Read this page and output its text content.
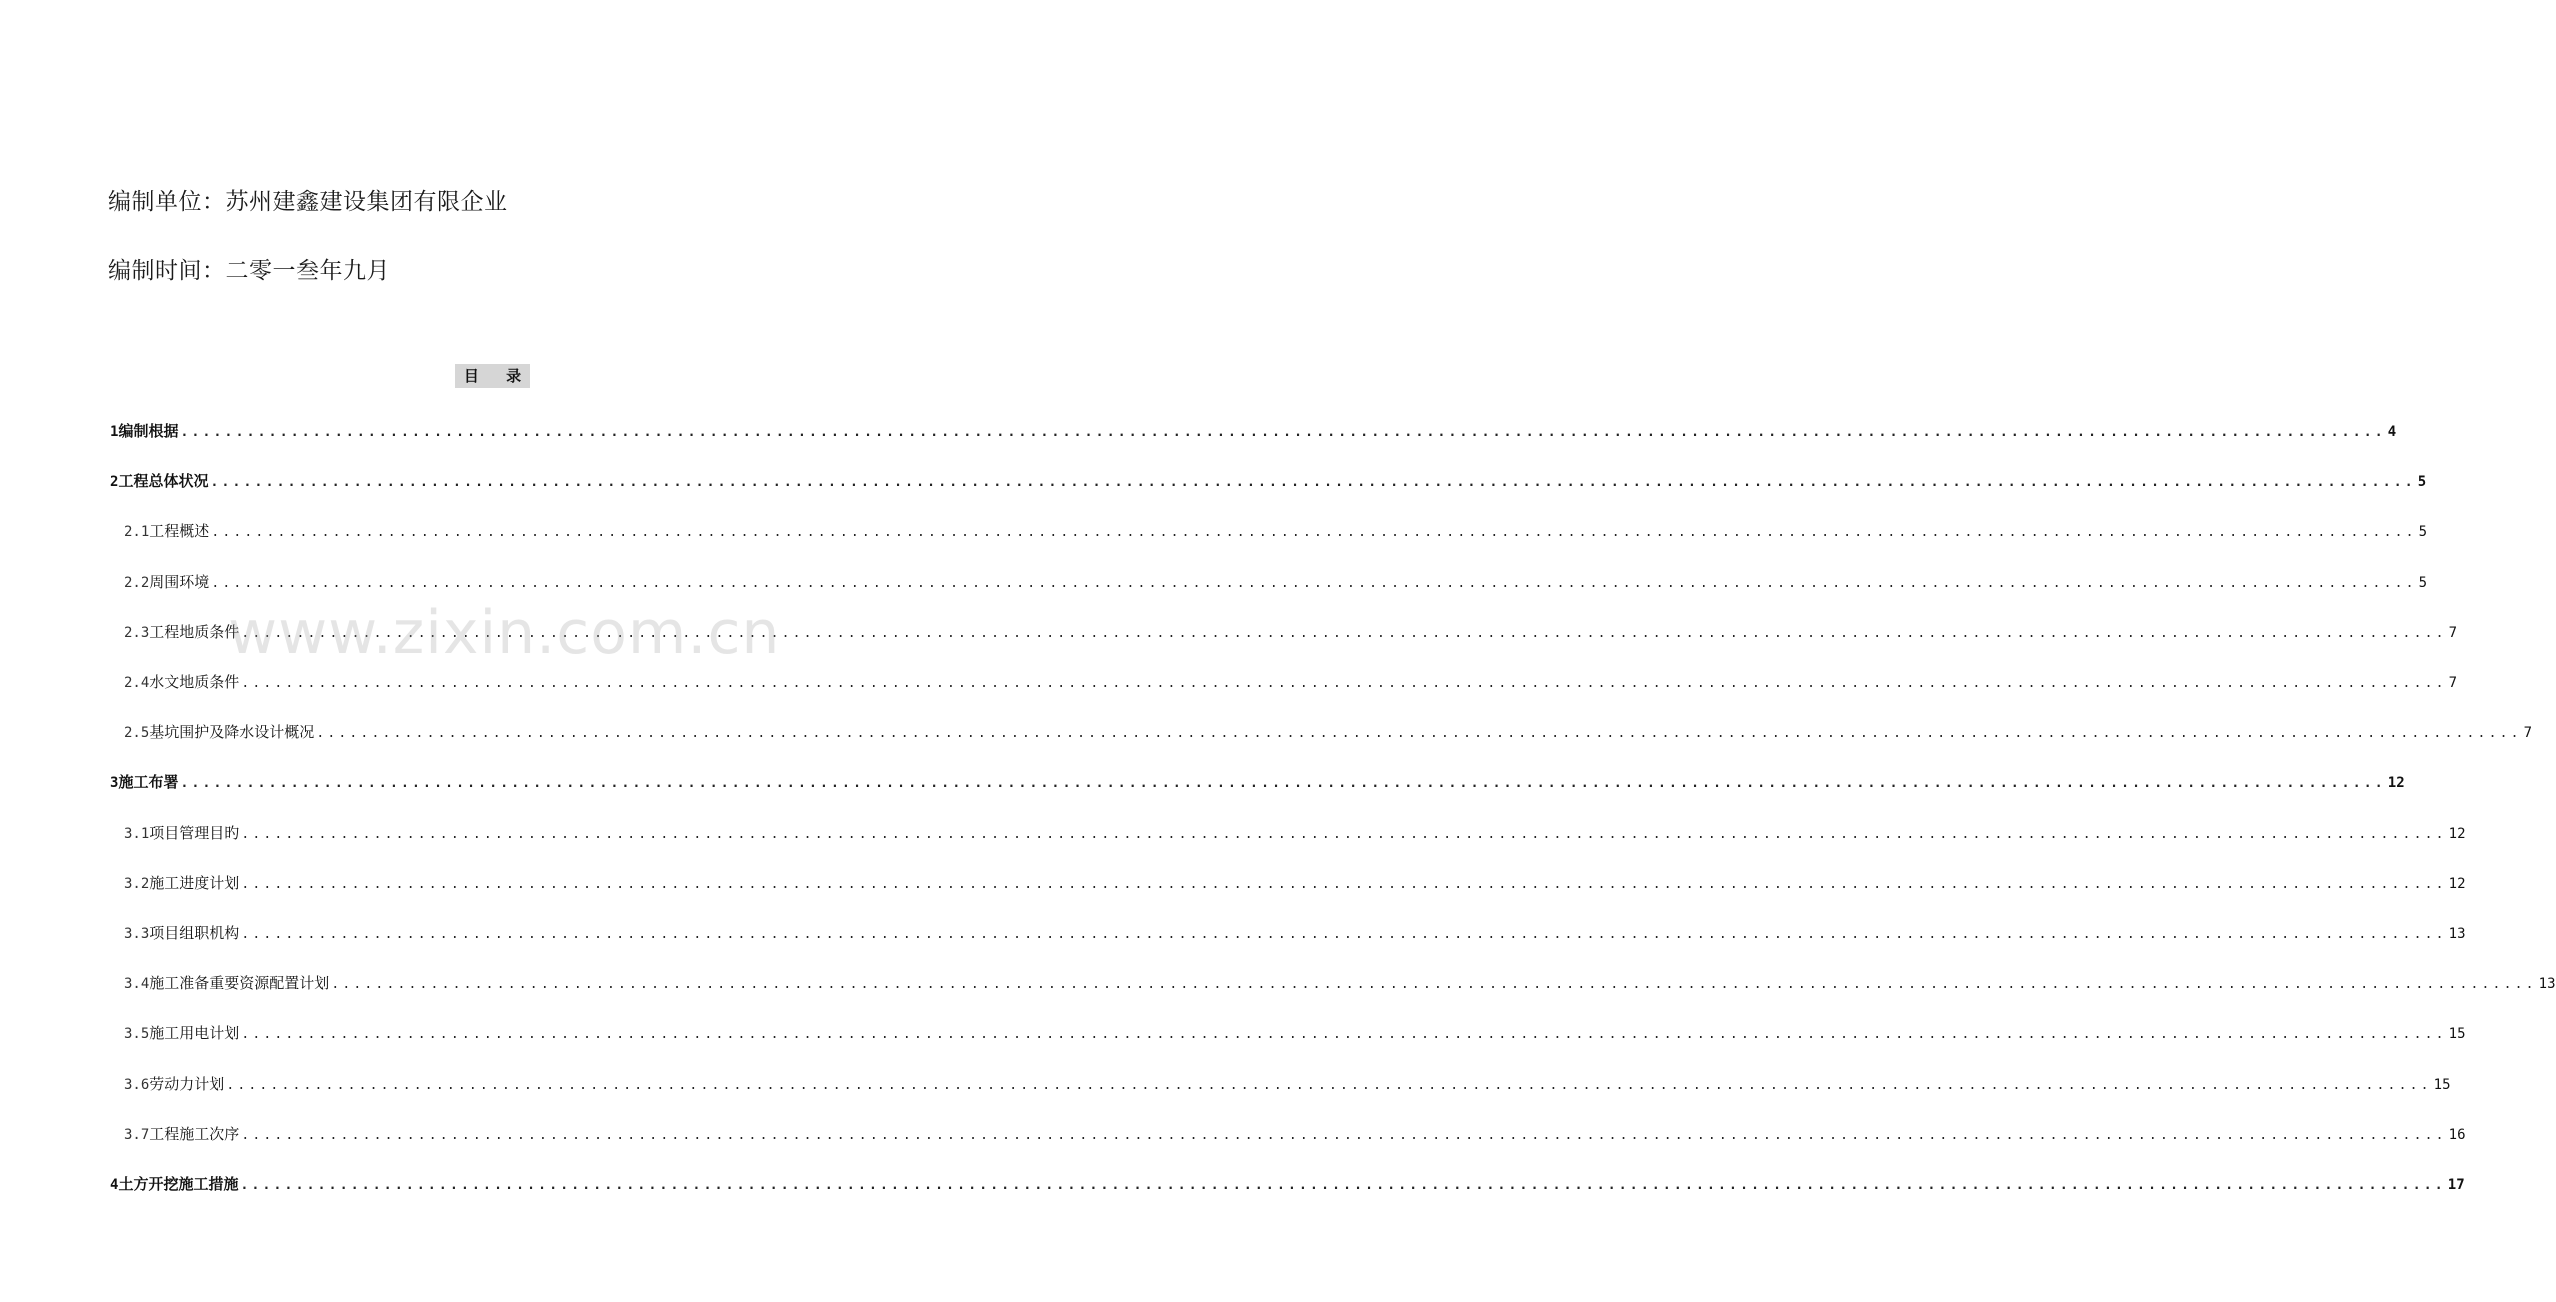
编制单位：苏州建鑫建设集团有限企业
编制时间：二零一叁年九月
目 录
1 编制根据 ........................................................................................................................................................................................................ 4
2 工程总体状况 ........................................................................................................................................................................................................ 5
2.1 工程概述 ........................................................................................................................................................................................................ 5
2.2 周围环境 ........................................................................................................................................................................................................ 5
2.3 工程地质条件 ........................................................................................................................................................................................................ 7
2.4 水文地质条件 ........................................................................................................................................................................................................ 7
2.5 基坑围护及降水设计概况 ........................................................................................................................................................................................................ 7
3 施工布署 ........................................................................................................................................................................................................ 12
3.1 项目管理目旳 ........................................................................................................................................................................................................ 12
3.2 施工进度计划 ........................................................................................................................................................................................................ 12
3.3 项目组职机构 ........................................................................................................................................................................................................ 13
3.4 施工准备重要资源配置计划 ........................................................................................................................................................................................................ 13
3.5 施工用电计划 ........................................................................................................................................................................................................ 15
3.6 劳动力计划 ........................................................................................................................................................................................................ 15
3.7 工程施工次序 ........................................................................................................................................................................................................ 16
4 土方开挖施工措施 ........................................................................................................................................................................................................ 17
www.zixin.com.cn
